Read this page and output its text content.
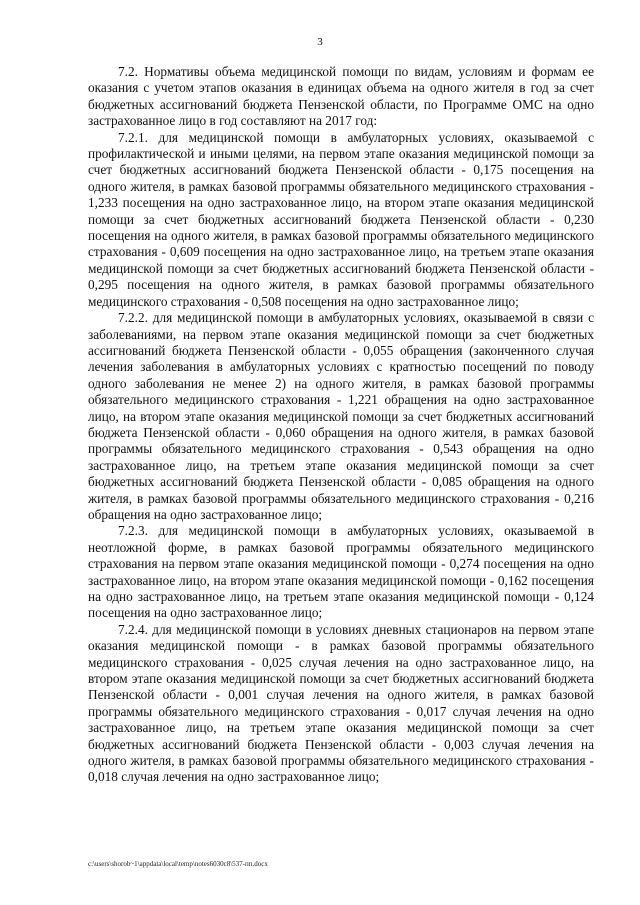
3

7.2. Нормативы объема медицинской помощи по видам, условиям и формам ее оказания с учетом этапов оказания в единицах объема на одного жителя в год за счет бюджетных ассигнований бюджета Пензенской области, по Программе ОМС на одно застрахованное лицо в год составляют на 2017 год:

7.2.1. для медицинской помощи в амбулаторных условиях, оказываемой с профилактической и иными целями, на первом этапе оказания медицинской помощи за счет бюджетных ассигнований бюджета Пензенской области - 0,175 посещения на одного жителя, в рамках базовой программы обязательного медицинского страхования - 1,233 посещения на одно застрахованное лицо, на втором этапе оказания медицинской помощи за счет бюджетных ассигнований бюджета Пензенской области - 0,230 посещения на одного жителя, в рамках базовой программы обязательного медицинского страхования - 0,609 посещения на одно застрахованное лицо, на третьем этапе оказания медицинской помощи за счет бюджетных ассигнований бюджета Пензенской области - 0,295 посещения на одного жителя, в рамках базовой программы обязательного медицинского страхования - 0,508 посещения на одно застрахованное лицо;

7.2.2. для медицинской помощи в амбулаторных условиях, оказываемой в связи с заболеваниями, на первом этапе оказания медицинской помощи за счет бюджетных ассигнований бюджета Пензенской области - 0,055 обращения (законченного случая лечения заболевания в амбулаторных условиях с кратностью посещений по поводу одного заболевания не менее 2) на одного жителя, в рамках базовой программы обязательного медицинского страхования - 1,221 обращения на одно застрахованное лицо, на втором этапе оказания медицинской помощи за счет бюджетных ассигнований бюджета Пензенской области - 0,060 обращения на одного жителя, в рамках базовой программы обязательного медицинского страхования - 0,543 обращения на одно застрахованное лицо, на третьем этапе оказания медицинской помощи за счет бюджетных ассигнований бюджета Пензенской области - 0,085 обращения на одного жителя, в рамках базовой программы обязательного медицинского страхования - 0,216 обращения на одно застрахованное лицо;

7.2.3. для медицинской помощи в амбулаторных условиях, оказываемой в неотложной форме, в рамках базовой программы обязательного медицинского страхования на первом этапе оказания медицинской помощи - 0,274 посещения на одно застрахованное лицо, на втором этапе оказания медицинской помощи - 0,162 посещения на одно застрахованное лицо, на третьем этапе оказания медицинской помощи - 0,124 посещения на одно застрахованное лицо;

7.2.4. для медицинской помощи в условиях дневных стационаров на первом этапе оказания медицинской помощи - в рамках базовой программы обязательного медицинского страхования - 0,025 случая лечения на одно застрахованное лицо, на втором этапе оказания медицинской помощи за счет бюджетных ассигнований бюджета Пензенской области - 0,001 случая лечения на одного жителя, в рамках базовой программы обязательного медицинского страхования - 0,017 случая лечения на одно застрахованное лицо, на третьем этапе оказания медицинской помощи за счет бюджетных ассигнований бюджета Пензенской области - 0,003 случая лечения на одного жителя, в рамках базовой программы обязательного медицинского страхования - 0,018 случая лечения на одно застрахованное лицо;

c:\users\shorob~1\appdata\local\temp\notes6030c8\537-пп.docx
